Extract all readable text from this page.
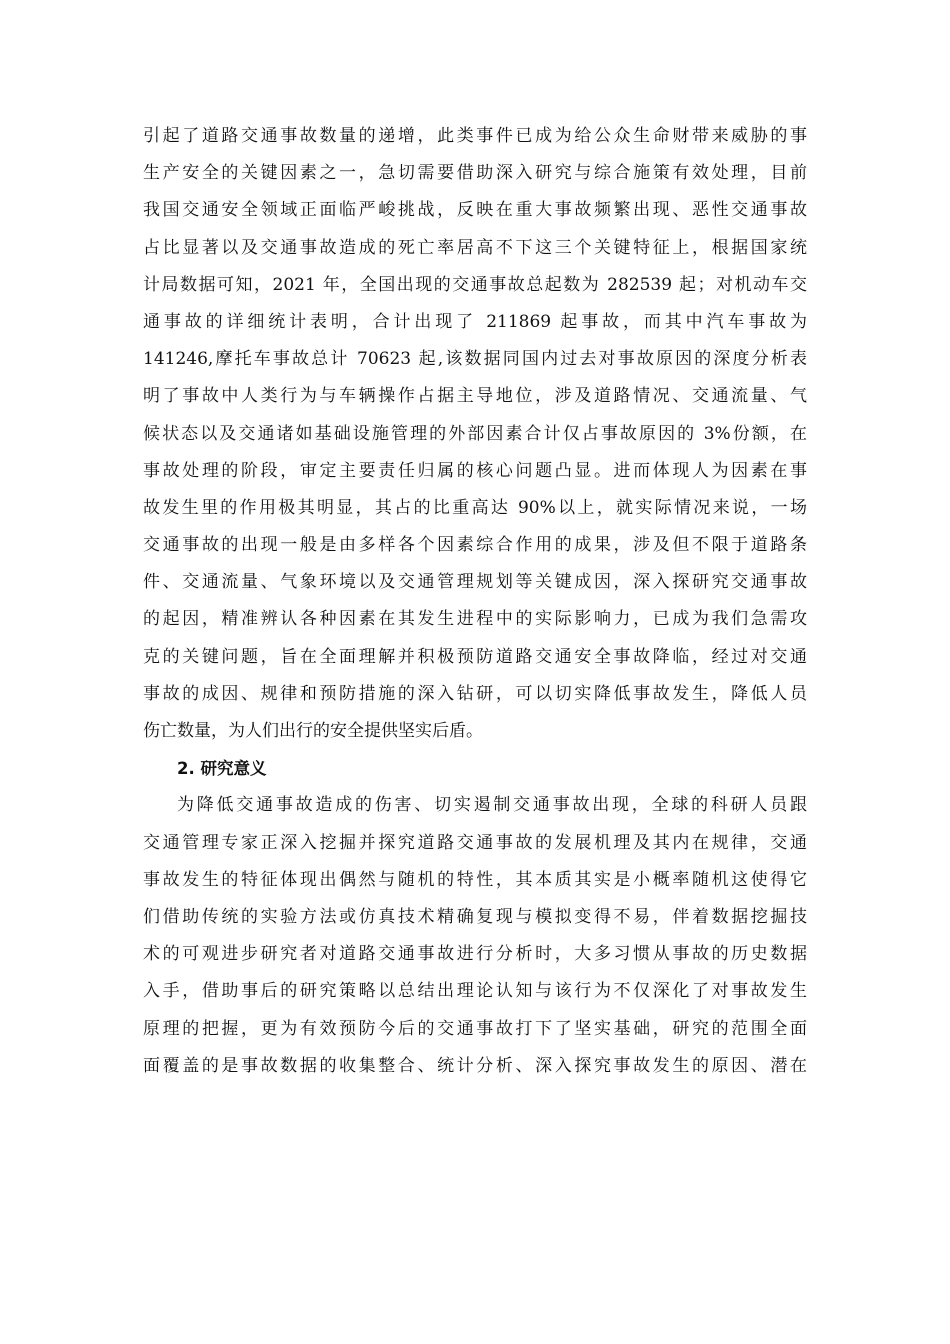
引起了道路交通事故数量的递增，此类事件已成为给公众生命财带来威胁的事
生产安全的关键因素之一，急切需要借助深入研究与综合施策有效处理，目前
我国交通安全领域正面临严峻挑战，反映在重大事故频繁出现、恶性交通事故
占比显著以及交通事故造成的死亡率居高不下这三个关键特征上，根据国家统
计局数据可知，2021 年，全国出现的交通事故总起数为 282539 起；对机动车交
通事故的详细统计表明，合计出现了 211869 起事故，而其中汽车事故为
141246,摩托车事故总计 70623 起,该数据同国内过去对事故原因的深度分析表
明了事故中人类行为与车辆操作占据主导地位，涉及道路情况、交通流量、气
候状态以及交通诸如基础设施管理的外部因素合计仅占事故原因的 3%份额，在
事故处理的阶段，审定主要责任归属的核心问题凸显。进而体现人为因素在事
故发生里的作用极其明显，其占的比重高达 90%以上，就实际情况来说，一场
交通事故的出现一般是由多样各个因素综合作用的成果，涉及但不限于道路条
件、交通流量、气象环境以及交通管理规划等关键成因，深入探研究交通事故
的起因，精准辨认各种因素在其发生进程中的实际影响力，已成为我们急需攻
克的关键问题，旨在全面理解并积极预防道路交通安全事故降临，经过对交通
事故的成因、规律和预防措施的深入钻研，可以切实降低事故发生，降低人员
伤亡数量，为人们出行的安全提供坚实后盾。
2. 研究意义
为降低交通事故造成的伤害、切实遏制交通事故出现，全球的科研人员跟
交通管理专家正深入挖掘并探究道路交通事故的发展机理及其内在规律，交通
事故发生的特征体现出偶然与随机的特性，其本质其实是小概率随机这使得它
们借助传统的实验方法或仿真技术精确复现与模拟变得不易，伴着数据挖掘技
术的可观进步研究者对道路交通事故进行分析时，大多习惯从事故的历史数据
入手，借助事后的研究策略以总结出理论认知与该行为不仅深化了对事故发生
原理的把握，更为有效预防今后的交通事故打下了坚实基础，研究的范围全面
面覆盖的是事故数据的收集整合、统计分析、深入探究事故发生的原因、潜在
